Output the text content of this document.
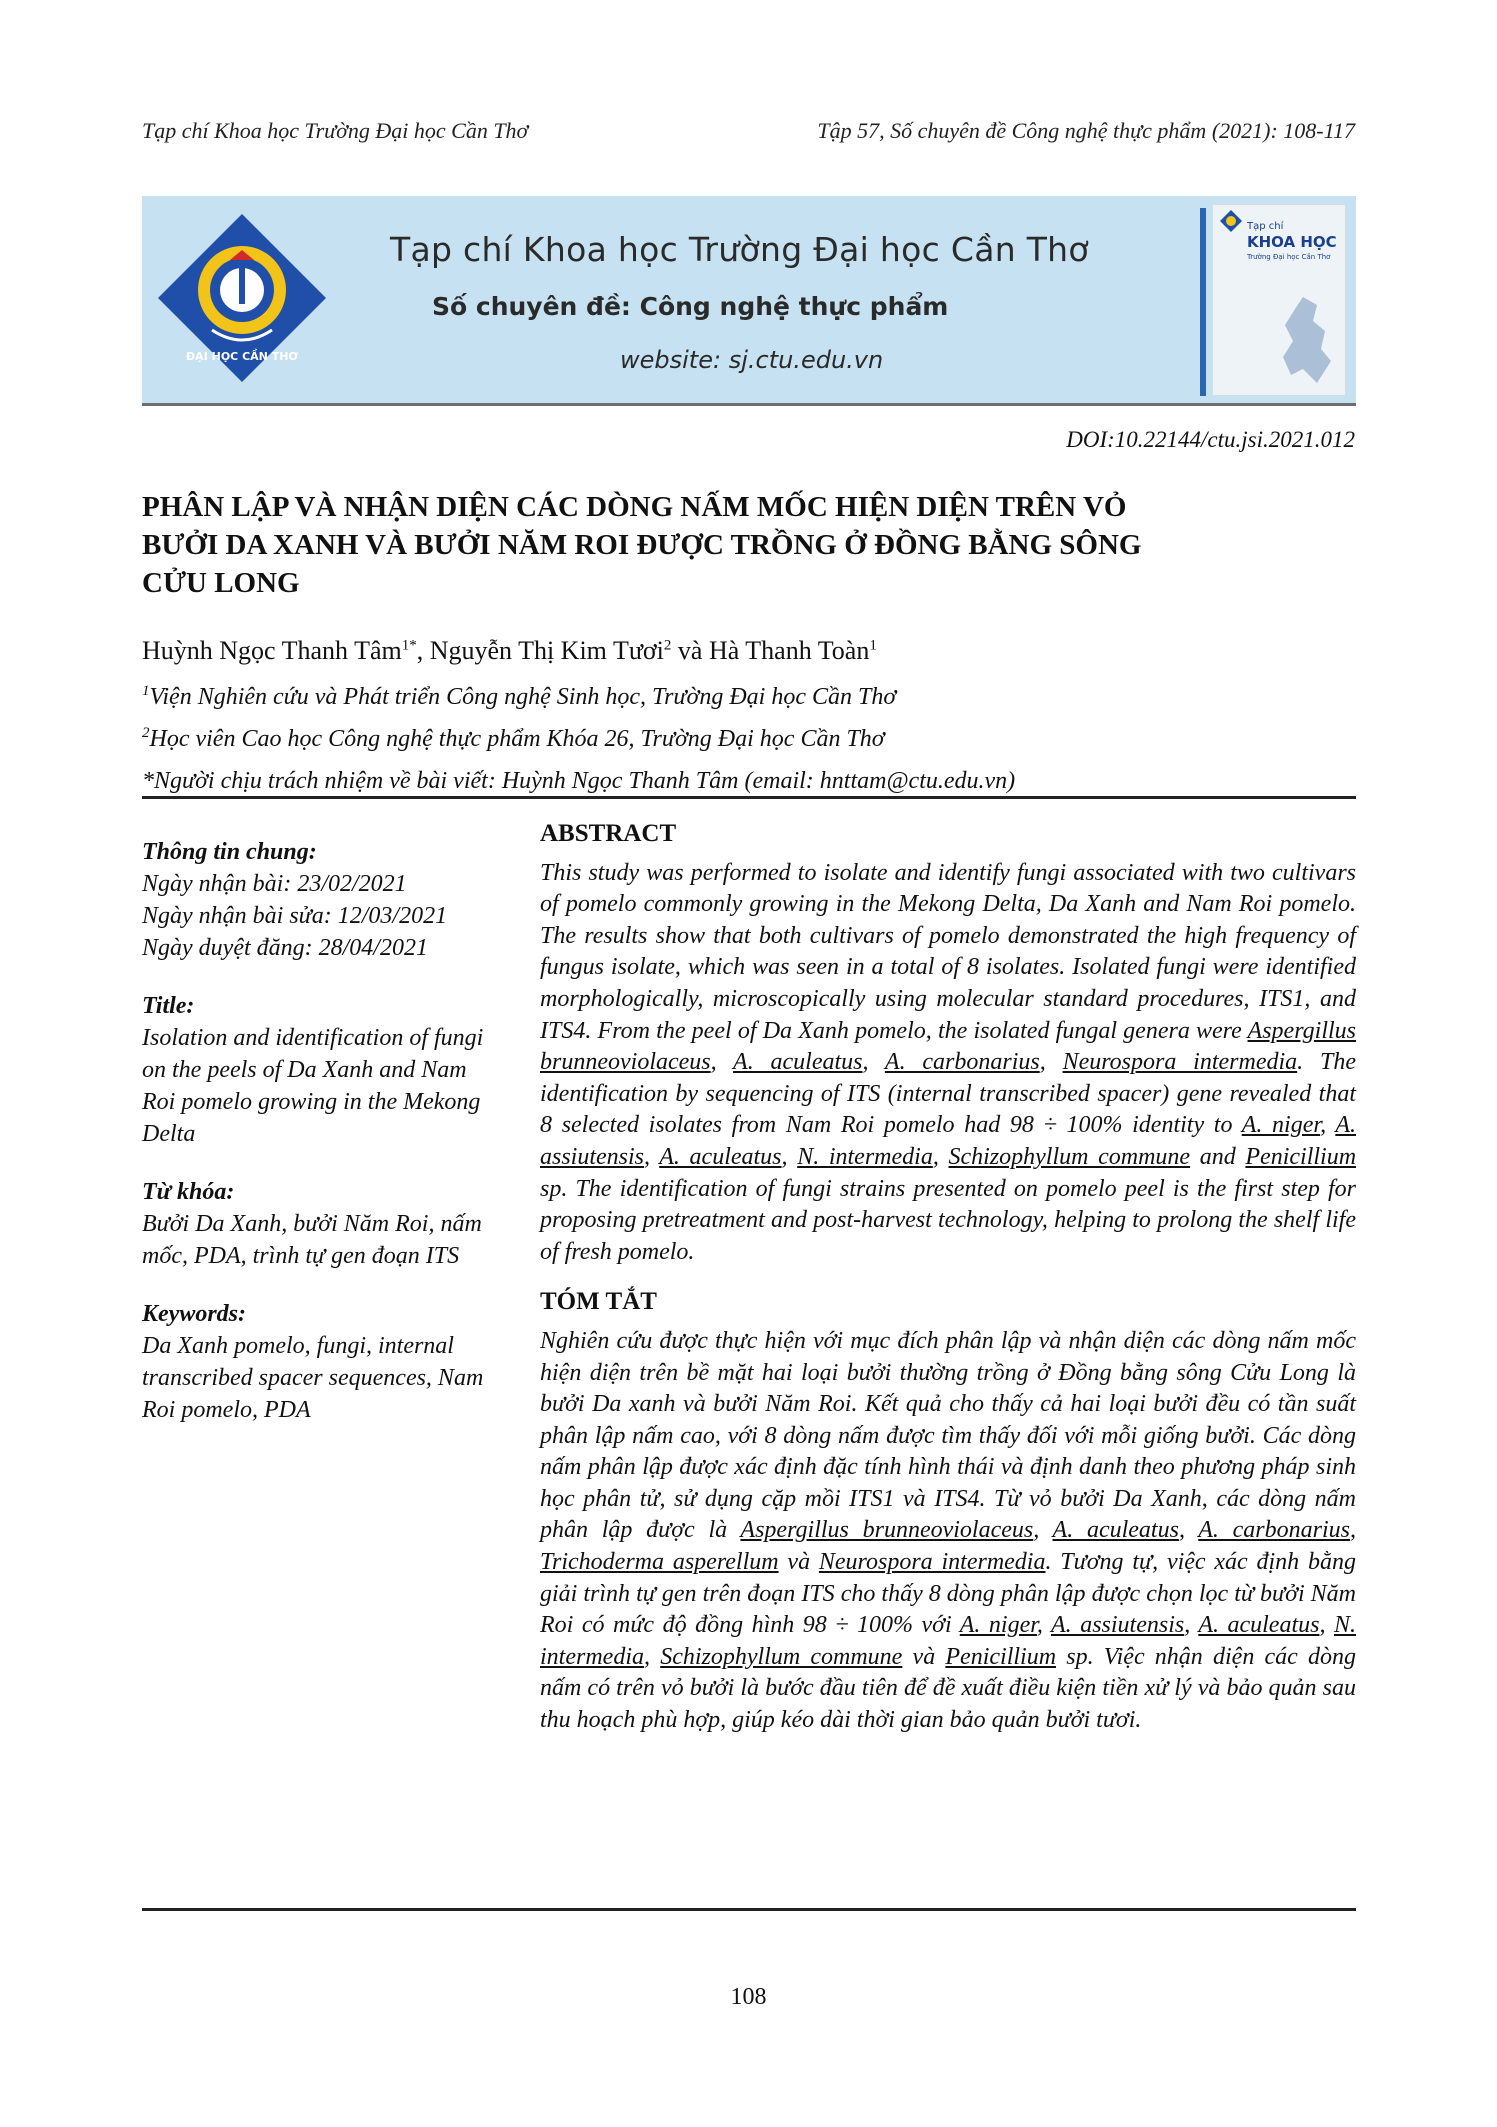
Tạp chí Khoa học Trường Đại học Cần Thơ	Tập 57, Số chuyên đề Công nghệ thực phẩm (2021): 108-117
ĐẠI HỌC CẦN THƠ
Tạp chí Khoa học Trường Đại học Cần Thơ
Số chuyên đề: Công nghệ thực phẩm
website: sj.ctu.edu.vn
Tạp chí
KHOA HỌC
Trường Đại học Cần Thơ
DOI:10.22144/ctu.jsi.2021.012
PHÂN LẬP VÀ NHẬN DIỆN CÁC DÒNG NẤM MỐC HIỆN DIỆN TRÊN VỎ
BƯỞI DA XANH VÀ BƯỞI NĂM ROI ĐƯỢC TRỒNG Ở ĐỒNG BẰNG SÔNG
CỬU LONG
Huỳnh Ngọc Thanh Tâm$^{1*}$, Nguyễn Thị Kim Tươi$^2$ và Hà Thanh Toàn$^1$
$^1$Viện Nghiên cứu và Phát triển Công nghệ Sinh học, Trường Đại học Cần Thơ
$^2$Học viên Cao học Công nghệ thực phẩm Khóa 26, Trường Đại học Cần Thơ
*Người chịu trách nhiệm về bài viết: Huỳnh Ngọc Thanh Tâm (email: hnttam@ctu.edu.vn)
Thông tin chung:
Ngày nhận bài: 23/02/2021
Ngày nhận bài sửa: 12/03/2021
Ngày duyệt đăng: 28/04/2021
Title:
Isolation and identification of fungi on the peels of Da Xanh and Nam Roi pomelo growing in the Mekong Delta
Từ khóa:
Bưởi Da Xanh, bưởi Năm Roi, nấm mốc, PDA, trình tự gen đoạn ITS
Keywords:
Da Xanh pomelo, fungi, internal transcribed spacer sequences, Nam Roi pomelo, PDA
ABSTRACT
This study was performed to isolate and identify fungi associated with two cultivars of pomelo commonly growing in the Mekong Delta, Da Xanh and Nam Roi pomelo. The results show that both cultivars of pomelo demonstrated the high frequency of fungus isolate, which was seen in a total of 8 isolates. Isolated fungi were identified morphologically, microscopically using molecular standard procedures, ITS1, and ITS4. From the peel of Da Xanh pomelo, the isolated fungal genera were Aspergillus brunneoviolaceus, A. aculeatus, A. carbonarius, Neurospora intermedia. The identification by sequencing of ITS (internal transcribed spacer) gene revealed that 8 selected isolates from Nam Roi pomelo had 98 ÷ 100% identity to A. niger, A. assiutensis, A. aculeatus, N. intermedia, Schizophyllum commune and Penicillium sp. The identification of fungi strains presented on pomelo peel is the first step for proposing pretreatment and post-harvest technology, helping to prolong the shelf life of fresh pomelo.
TÓM TẮT
Nghiên cứu được thực hiện với mục đích phân lập và nhận diện các dòng nấm mốc hiện diện trên bề mặt hai loại bưởi thường trồng ở Đồng bằng sông Cửu Long là bưởi Da xanh và bưởi Năm Roi. Kết quả cho thấy cả hai loại bưởi đều có tần suất phân lập nấm cao, với 8 dòng nấm được tìm thấy đối với mỗi giống bưởi. Các dòng nấm phân lập được xác định đặc tính hình thái và định danh theo phương pháp sinh học phân tử, sử dụng cặp mồi ITS1 và ITS4. Từ vỏ bưởi Da Xanh, các dòng nấm phân lập được là Aspergillus brunneoviolaceus, A. aculeatus, A. carbonarius, Trichoderma asperellum và Neurospora intermedia. Tương tự, việc xác định bằng giải trình tự gen trên đoạn ITS cho thấy 8 dòng phân lập được chọn lọc từ bưởi Năm Roi có mức độ đồng hình 98 ÷ 100% với A. niger, A. assiutensis, A. aculeatus, N. intermedia, Schizophyllum commune và Penicillium sp. Việc nhận diện các dòng nấm có trên vỏ bưởi là bước đầu tiên để đề xuất điều kiện tiền xử lý và bảo quản sau thu hoạch phù hợp, giúp kéo dài thời gian bảo quản bưởi tươi.
108
